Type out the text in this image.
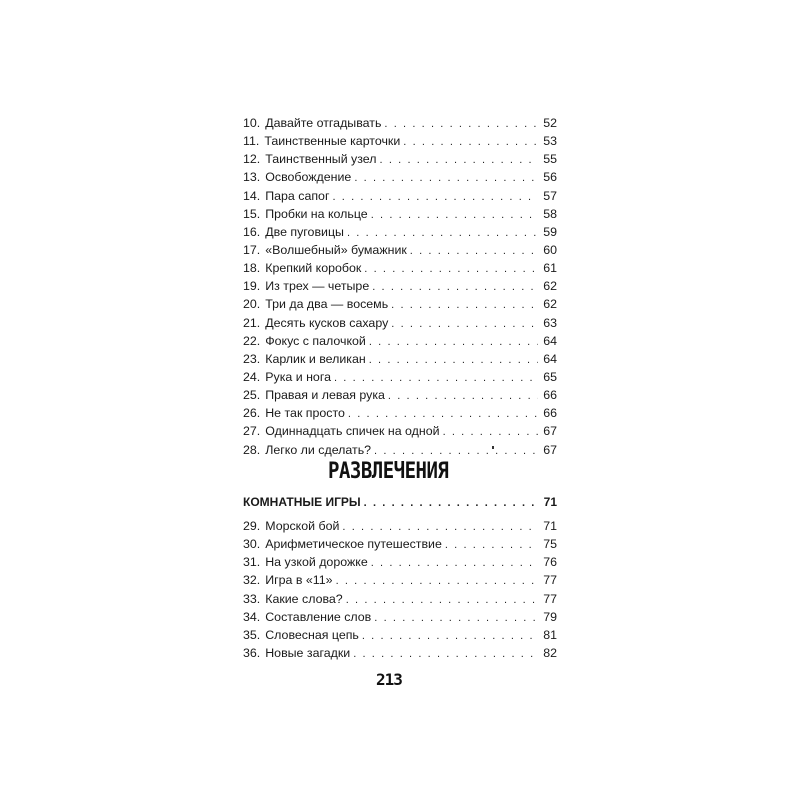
10. Давайте отгадывать . . .	52
11. Таинственные карточки . . .	53
12. Таинственный узел . . .	55
13. Освобождение . . .	56
14. Пара сапог . . .	57
15. Пробки на кольце . . .	58
16. Две пуговицы . . .	59
17. «Волшебный» бумажник . . .	60
18. Крепкий коробок . . .	61
19. Из трех — четыре . . .	62
20. Три да два — восемь . . .	62
21. Десять кусков сахару . . .	63
22. Фокус с палочкой . . .	64
23. Карлик и великан . . .	64
24. Рука и нога . . .	65
25. Правая и левая рука . . .	66
26. Не так просто . . .	66
27. Одиннадцать спичек на одной . . .	67
28. Легко ли сделать? . . .	67
РАЗВЛЕЧЕНИЯ
КОМНАТНЫЕ ИГРЫ . . .	71
29. Морской бой . . .	71
30. Арифметическое путешествие . . .	75
31. На узкой дорожке . . .	76
32. Игра в «11» . . .	77
33. Какие слова? . . .	77
34. Составление слов . . .	79
35. Словесная цепь . . .	81
36. Новые загадки . . .	82
213
